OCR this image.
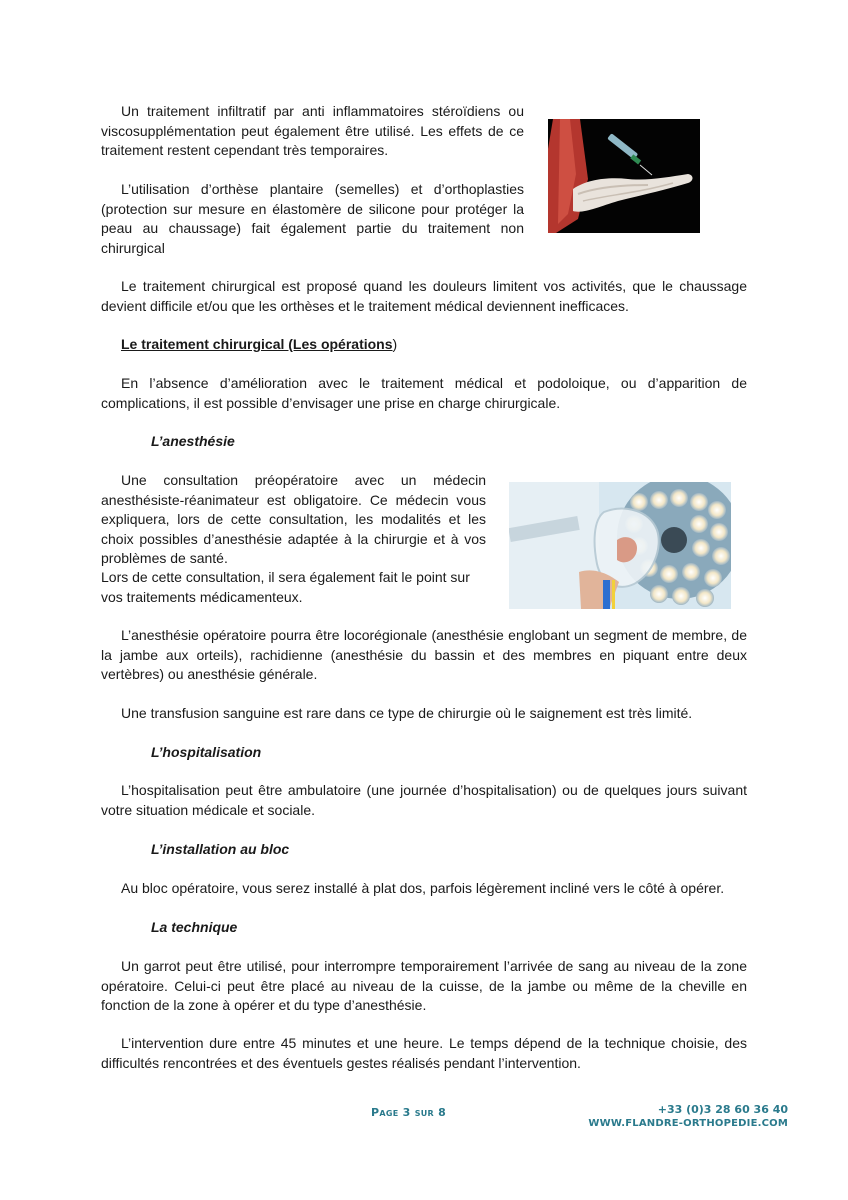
Un traitement infiltratif par anti inflammatoires stéroïdiens ou viscosupplémentation peut également être utilisé. Les effets de ce traitement restent cependant très temporaires.

L’utilisation d’orthèse plantaire (semelles) et d’orthoplasties (protection sur mesure en élastomère de silicone pour protéger la peau au chaussage) fait également partie du traitement non chirurgical

Le traitement chirurgical est proposé quand les douleurs limitent vos activités, que le chaussage devient difficile et/ou que les orthèses et le traitement médical deviennent inefficaces.

Le traitement chirurgical (Les opérations)

En l’absence d’amélioration avec le traitement médical et podoloique, ou d’apparition de complications, il est possible d’envisager une prise en charge chirurgicale.

L’anesthésie

Une consultation préopératoire avec un médecin anesthésiste-réanimateur est obligatoire. Ce médecin vous expliquera, lors de cette consultation, les modalités et les choix possibles d’anesthésie adaptée à la chirurgie et à vos problèmes de santé.

Lors de cette consultation, il sera également fait le point sur vos traitements médicamenteux.

L’anesthésie opératoire pourra être locorégionale (anesthésie englobant un segment de membre, de la jambe aux orteils), rachidienne (anesthésie du bassin et des membres en piquant entre deux vertèbres) ou anesthésie générale.

Une transfusion sanguine est rare dans ce type de chirurgie où le saignement est très limité.

L’hospitalisation

L’hospitalisation peut être ambulatoire (une journée d’hospitalisation) ou de quelques jours suivant votre situation médicale et sociale.

L’installation au bloc

Au bloc opératoire, vous serez installé à plat dos, parfois légèrement incliné vers le côté à opérer.

La technique

Un garrot peut être utilisé, pour interrompre temporairement l’arrivée de sang au niveau de la zone opératoire. Celui-ci peut être placé au niveau de la cuisse, de la jambe ou même de la cheville en fonction de la zone à opérer et du type d’anesthésie.

L’intervention dure entre 45 minutes et une heure. Le temps dépend de la technique choisie, des difficultés rencontrées et des éventuels gestes réalisés pendant l’intervention.

Page 3 sur 8	+33 (0)3 28 60 36 40
WWW.FLANDRE-ORTHOPEDIE.COM
